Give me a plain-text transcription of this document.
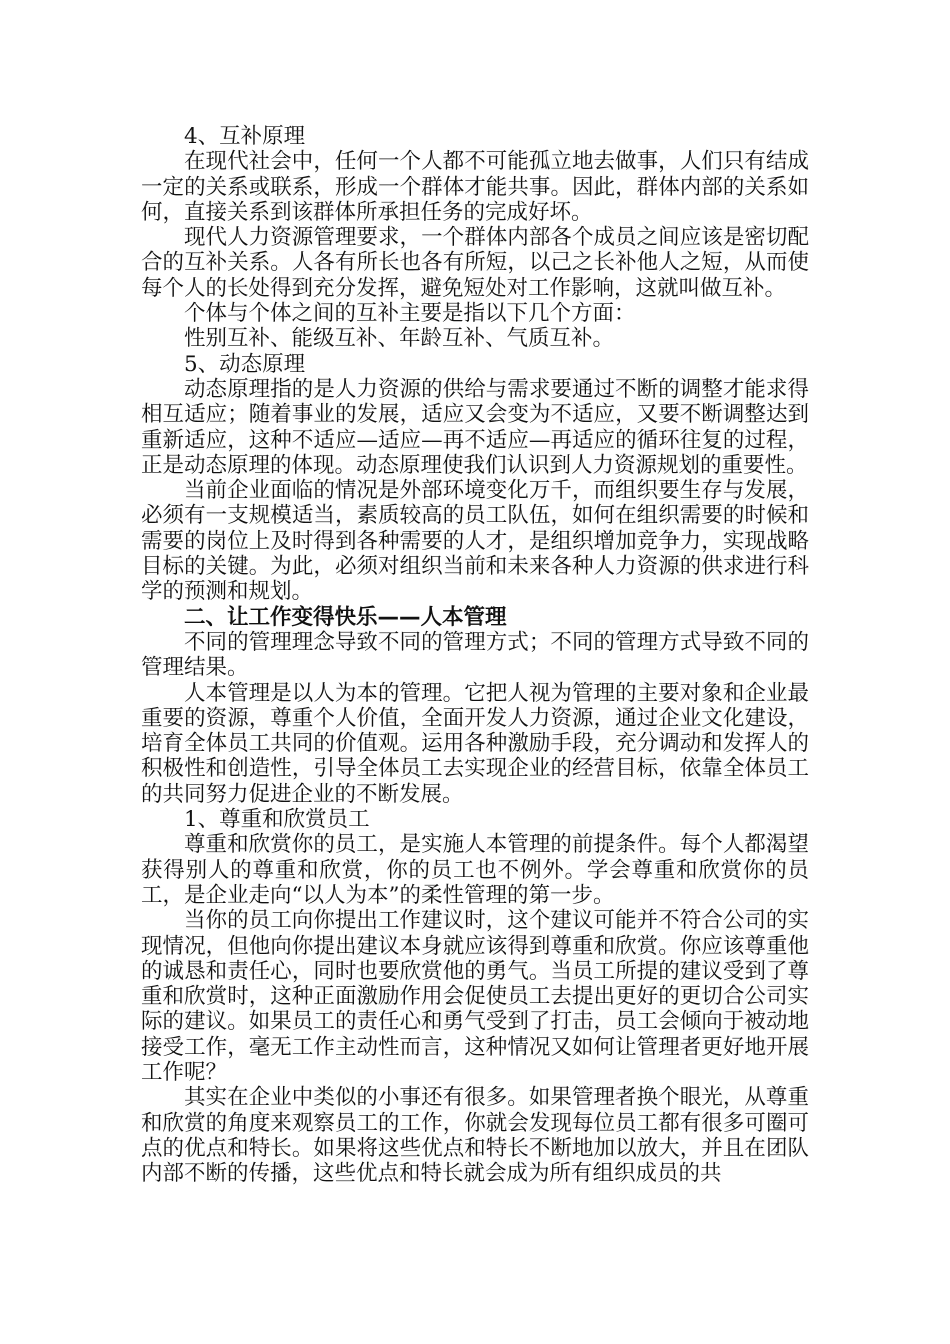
4、互补原理

在现代社会中，任何一个人都不可能孤立地去做事，人们只有结成一定的关系或联系，形成一个群体才能共事。因此，群体内部的关系如何，直接关系到该群体所承担任务的完成好坏。

现代人力资源管理要求，一个群体内部各个成员之间应该是密切配合的互补关系。人各有所长也各有所短，以己之长补他人之短，从而使每个人的长处得到充分发挥，避免短处对工作影响，这就叫做互补。

个体与个体之间的互补主要是指以下几个方面：

性别互补、能级互补、年龄互补、气质互补。

5、动态原理

动态原理指的是人力资源的供给与需求要通过不断的调整才能求得相互适应；随着事业的发展，适应又会变为不适应，又要不断调整达到重新适应，这种不适应—适应—再不适应—再适应的循环往复的过程，正是动态原理的体现。动态原理使我们认识到人力资源规划的重要性。

当前企业面临的情况是外部环境变化万千，而组织要生存与发展，必须有一支规模适当，素质较高的员工队伍，如何在组织需要的时候和需要的岗位上及时得到各种需要的人才，是组织增加竞争力，实现战略目标的关键。为此，必须对组织当前和未来各种人力资源的供求进行科学的预测和规划。

二、让工作变得快乐——人本管理

不同的管理理念导致不同的管理方式；不同的管理方式导致不同的管理结果。

人本管理是以人为本的管理。它把人视为管理的主要对象和企业最重要的资源，尊重个人价值，全面开发人力资源，通过企业文化建设，培育全体员工共同的价值观。运用各种激励手段，充分调动和发挥人的积极性和创造性，引导全体员工去实现企业的经营目标，依靠全体员工的共同努力促进企业的不断发展。

1、尊重和欣赏员工

尊重和欣赏你的员工，是实施人本管理的前提条件。每个人都渴望获得别人的尊重和欣赏，你的员工也不例外。学会尊重和欣赏你的员工，是企业走向“以人为本”的柔性管理的第一步。

当你的员工向你提出工作建议时，这个建议可能并不符合公司的实现情况，但他向你提出建议本身就应该得到尊重和欣赏。你应该尊重他的诚恳和责任心，同时也要欣赏他的勇气。当员工所提的建议受到了尊重和欣赏时，这种正面激励作用会促使员工去提出更好的更切合公司实际的建议。如果员工的责任心和勇气受到了打击，员工会倾向于被动地接受工作，毫无工作主动性而言，这种情况又如何让管理者更好地开展工作呢？

其实在企业中类似的小事还有很多。如果管理者换个眼光，从尊重和欣赏的角度来观察员工的工作，你就会发现每位员工都有很多可圈可点的优点和特长。如果将这些优点和特长不断地加以放大，并且在团队内部不断的传播，这些优点和特长就会成为所有组织成员的共
